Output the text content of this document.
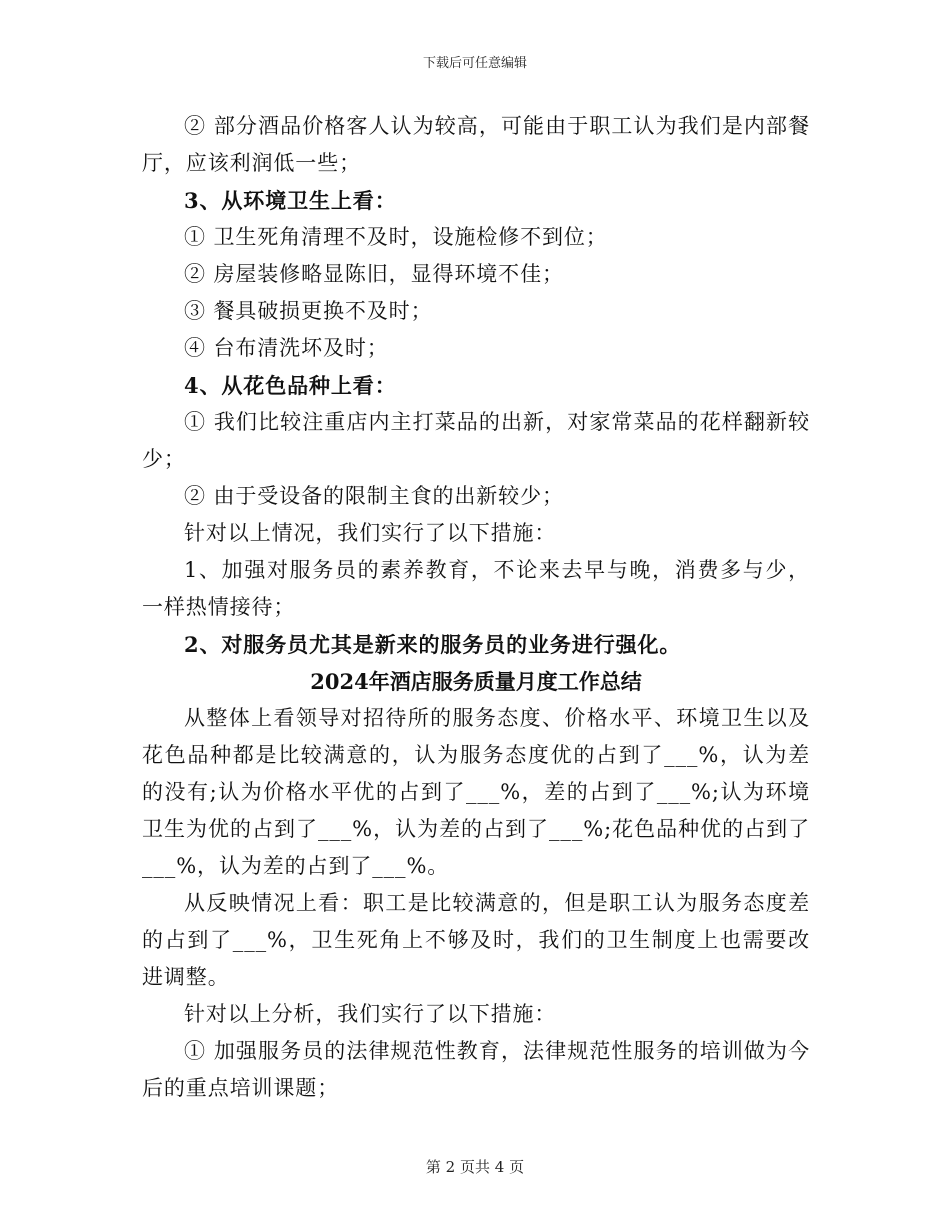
下载后可任意编辑

② 部分酒品价格客人认为较高，可能由于职工认为我们是内部餐厅，应该利润低一些；

3、从环境卫生上看：

① 卫生死角清理不及时，设施检修不到位；

② 房屋装修略显陈旧，显得环境不佳；

③ 餐具破损更换不及时；

④ 台布清洗坏及时；

4、从花色品种上看：

① 我们比较注重店内主打菜品的出新，对家常菜品的花样翻新较少；

② 由于受设备的限制主食的出新较少；

针对以上情况，我们实行了以下措施：

1、加强对服务员的素养教育，不论来去早与晚，消费多与少，一样热情接待；

2、对服务员尤其是新来的服务员的业务进行强化。

2024年酒店服务质量月度工作总结

从整体上看领导对招待所的服务态度、价格水平、环境卫生以及花色品种都是比较满意的，认为服务态度优的占到了___%，认为差的没有;认为价格水平优的占到了___%，差的占到了___%;认为环境卫生为优的占到了___%，认为差的占到了___%;花色品种优的占到了___%，认为差的占到了___%。

从反映情况上看：职工是比较满意的，但是职工认为服务态度差的占到了___%，卫生死角上不够及时，我们的卫生制度上也需要改进调整。

针对以上分析，我们实行了以下措施：

① 加强服务员的法律规范性教育，法律规范性服务的培训做为今后的重点培训课题；

第 2 页共 4 页
